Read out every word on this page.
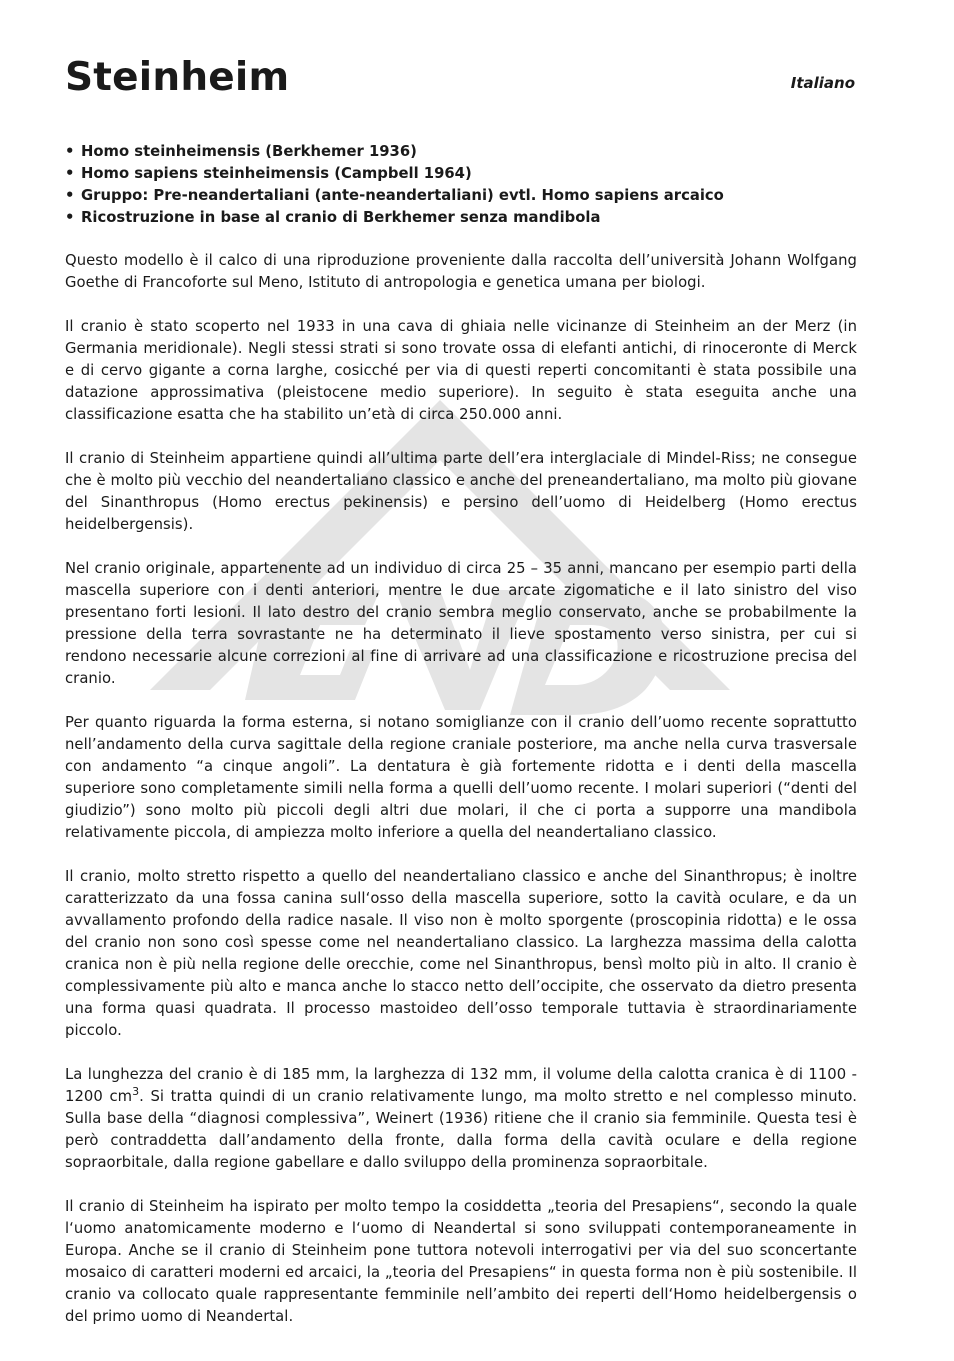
Steinheim	Italiano
• Homo steinheimensis (Berkhemer 1936)
• Homo sapiens steinheimensis (Campbell 1964)
• Gruppo: Pre-neandertaliani (ante-neandertaliani) evtl. Homo sapiens arcaico
• Ricostruzione in base al cranio di Berkhemer senza mandibola

Questo modello è il calco di una riproduzione proveniente dalla raccolta dell’università Johann Wolfgang Goethe di Francoforte sul Meno, Istituto di antropologia e genetica umana per biologi.

Il cranio è stato scoperto nel 1933 in una cava di ghiaia nelle vicinanze di Steinheim an der Merz (in Germania meridionale). Negli stessi strati si sono trovate ossa di elefanti antichi, di rinoceronte di Merck e di cervo gigante a corna larghe, cosicché per via di questi reperti concomitanti è stata possibile una datazione approssimativa (pleistocene medio superiore). In seguito è stata eseguita anche una classificazione esatta che ha stabilito un’età di circa 250.000 anni.

Il cranio di Steinheim appartiene quindi all’ultima parte dell’era interglaciale di Mindel-Riss; ne consegue che è molto più vecchio del neandertaliano classico e anche del preneandertaliano, ma molto più giovane del Sinanthropus (Homo erectus pekinensis) e persino dell’uomo di Heidelberg (Homo erectus heidelbergensis).

Nel cranio originale, appartenente ad un individuo di circa 25 – 35 anni, mancano per esempio parti della mascella superiore con i denti anteriori, mentre le due arcate zigomatiche e il lato sinistro del viso presentano forti lesioni. Il lato destro del cranio sembra meglio conservato, anche se probabilmente la pressione della terra sovrastante ne ha determinato il lieve spostamento verso sinistra, per cui si rendono necessarie alcune correzioni al fine di arrivare ad una classificazione e ricostruzione precisa del cranio.

Per quanto riguarda la forma esterna, si notano somiglianze con il cranio dell’uomo recente soprattutto nell’andamento della curva sagittale della regione craniale posteriore, ma anche nella curva trasversale con andamento “a cinque angoli”. La dentatura è già fortemente ridotta e i denti della mascella superiore sono completamente simili nella forma a quelli dell’uomo recente. I molari superiori (“denti del giudizio”) sono molto più piccoli degli altri due molari, il che ci porta a supporre una mandibola relativamente piccola, di ampiezza molto inferiore a quella del neandertaliano classico.

Il cranio, molto stretto rispetto a quello del neandertaliano classico e anche del Sinanthropus; è inoltre caratterizzato da una fossa canina sull‘osso della mascella superiore, sotto la cavità oculare, e da un avvallamento profondo della radice nasale. Il viso non è molto sporgente (proscopinia ridotta) e le ossa del cranio non sono così spesse come nel neandertaliano classico. La larghezza massima della calotta cranica non è più nella regione delle orecchie, come nel Sinanthropus, bensì molto più in alto. Il cranio è complessivamente più alto e manca anche lo stacco netto dell’occipite, che osservato da dietro presenta una forma quasi quadrata. Il processo mastoideo dell’osso temporale tuttavia è straordinariamente piccolo.

La lunghezza del cranio è di 185 mm, la larghezza di 132 mm, il volume della calotta cranica è di 1100 - 1200 $cm^3$. Si tratta quindi di un cranio relativamente lungo, ma molto stretto e nel complesso minuto. Sulla base della “diagnosi complessiva”, Weinert (1936) ritiene che il cranio sia femminile. Questa tesi è però contraddetta dall’andamento della fronte, dalla forma della cavità oculare e della regione sopraorbitale, dalla regione gabellare e dallo sviluppo della prominenza sopraorbitale.

Il cranio di Steinheim ha ispirato per molto tempo la cosiddetta „teoria del Presapiens“, secondo la quale l‘uomo anatomicamente moderno e l‘uomo di Neandertal si sono sviluppati contemporaneamente in Europa. Anche se il cranio di Steinheim pone tuttora notevoli interrogativi per via del suo sconcertante mosaico di caratteri moderni ed arcaici, la „teoria del Presapiens“ in questa forma non è più sostenibile. Il cranio va collocato quale rappresentante femminile nell’ambito dei reperti dell‘Homo heidelbergensis o del primo uomo di Neandertal.
